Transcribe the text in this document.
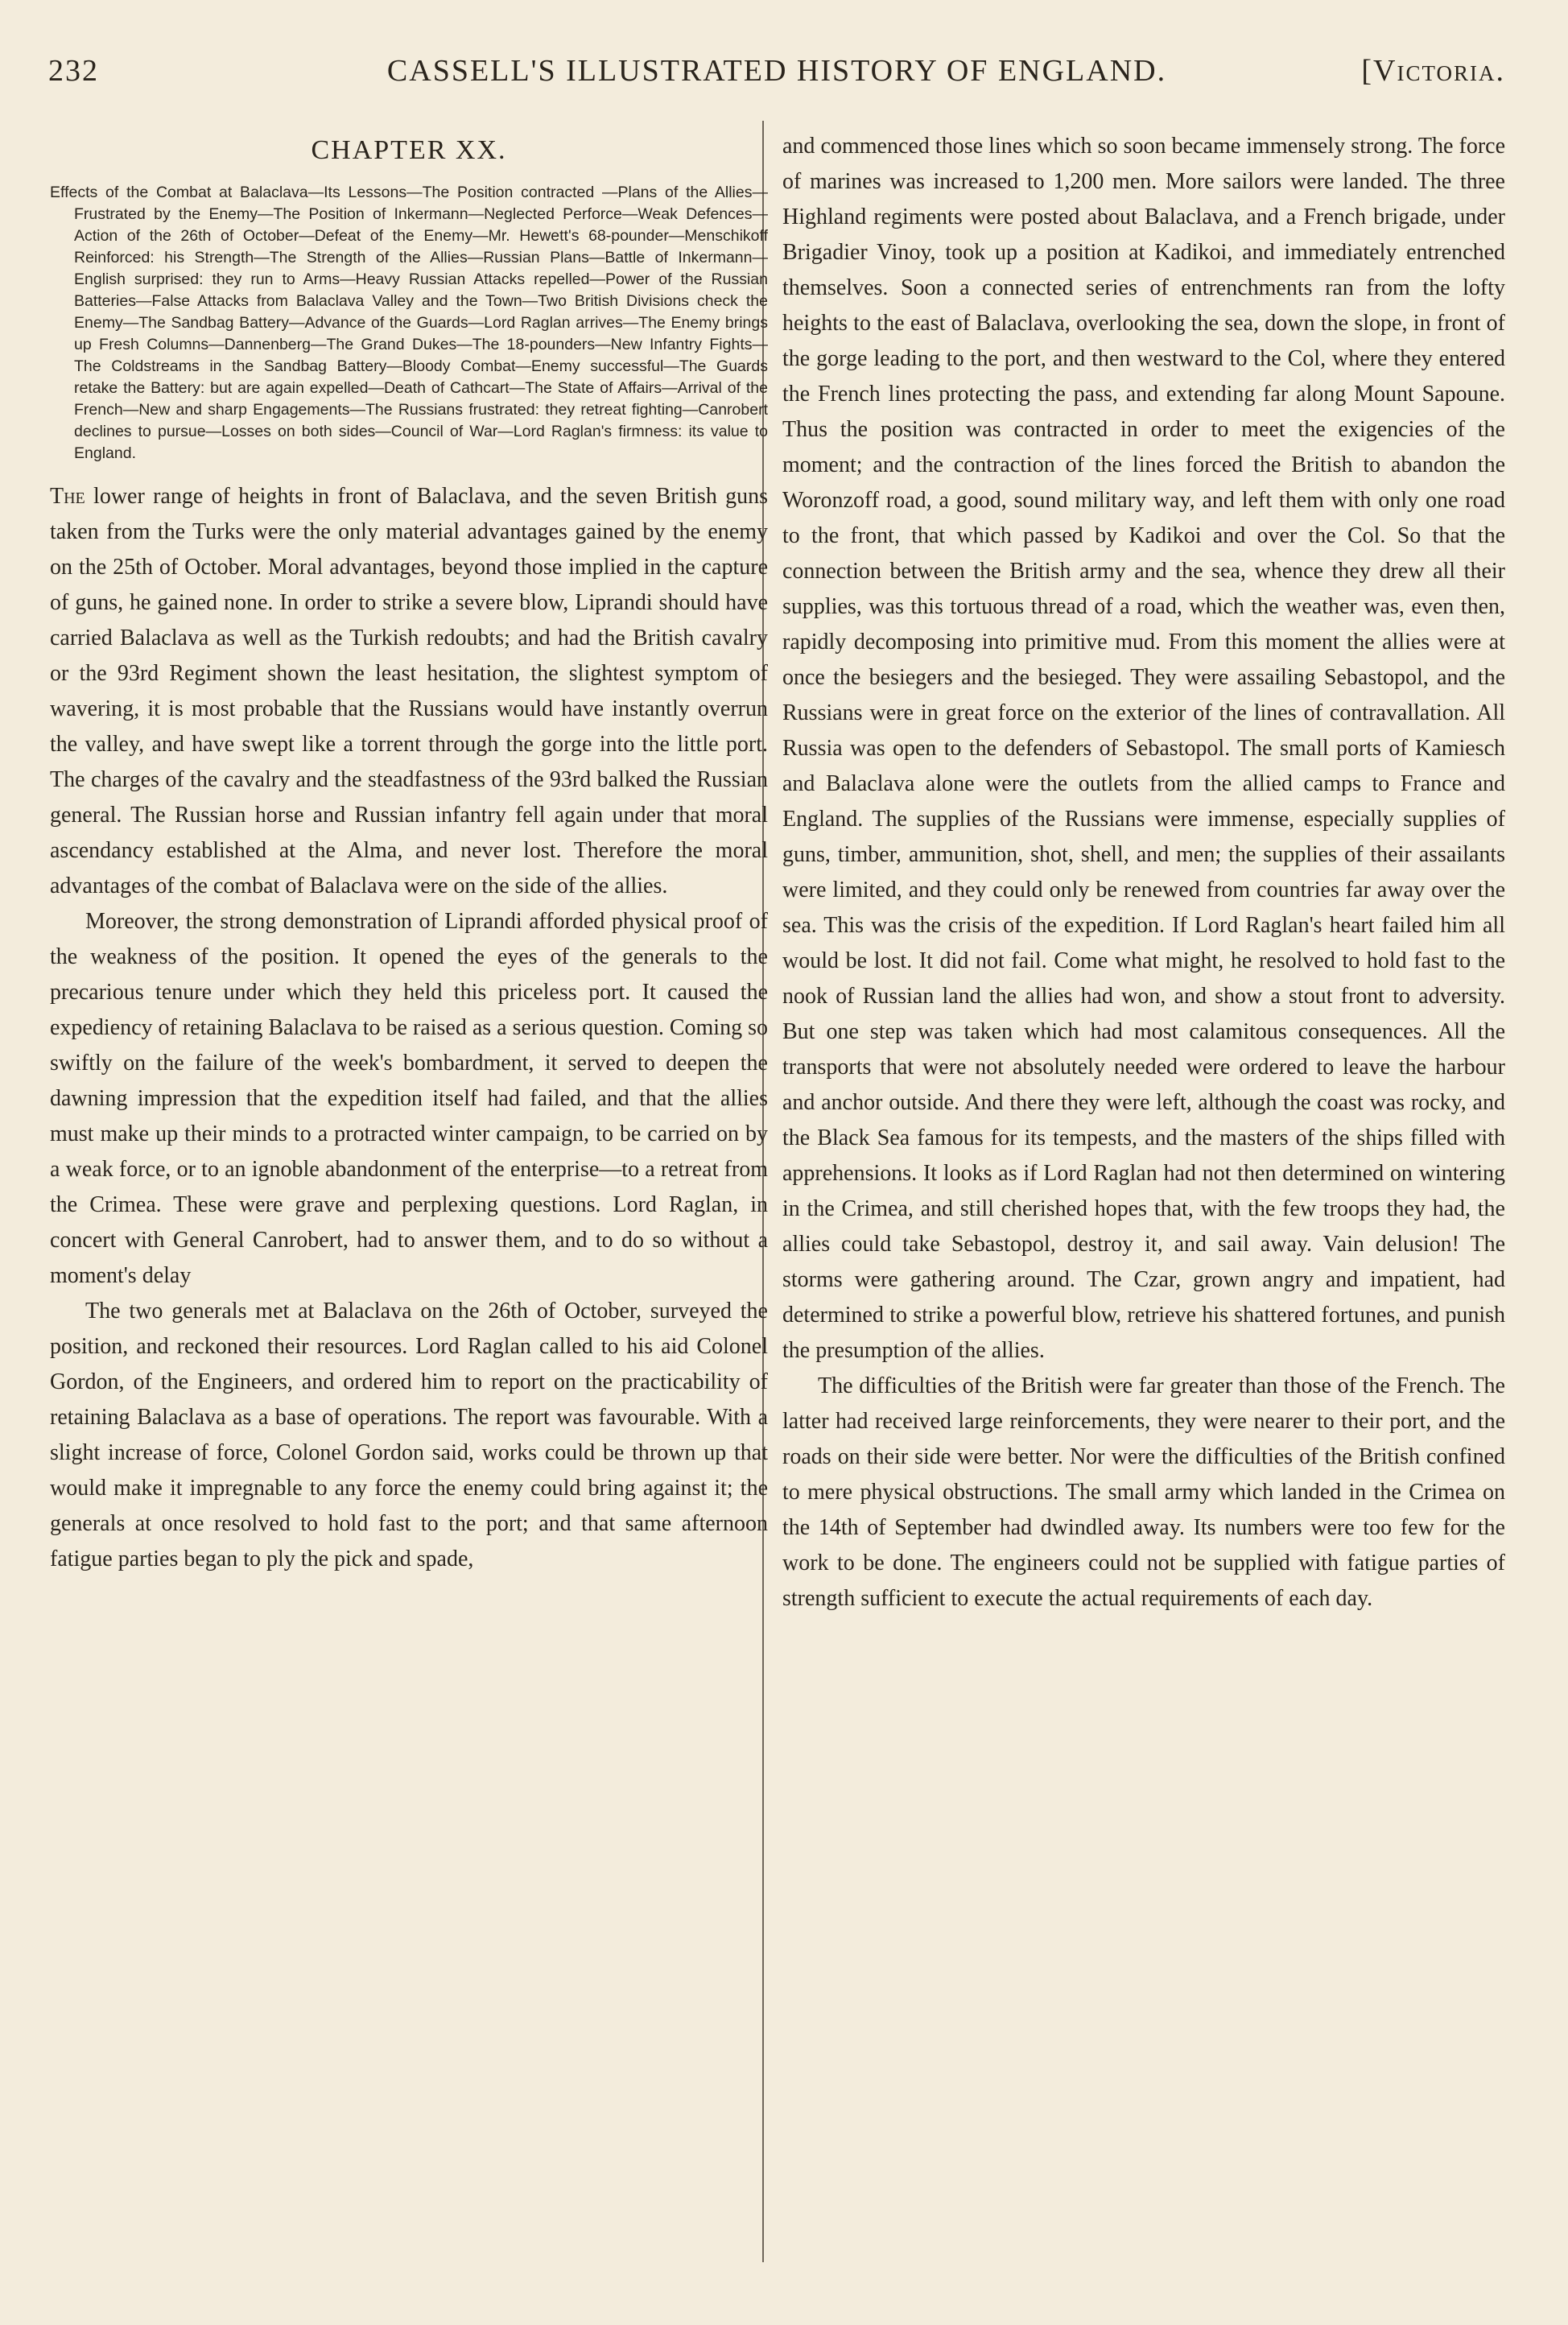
232	CASSELL'S ILLUSTRATED HISTORY OF ENGLAND.	[Victoria.
CHAPTER XX.

Effects of the Combat at Balaclava—Its Lessons—The Position contracted —Plans of the Allies—Frustrated by the Enemy—The Position of Inkermann—Neglected Perforce—Weak Defences—Action of the 26th of October—Defeat of the Enemy—Mr. Hewett's 68-pounder—Menschikoff Reinforced: his Strength—The Strength of the Allies—Russian Plans—Battle of Inkermann—English surprised: they run to Arms—Heavy Russian Attacks repelled—Power of the Russian Batteries—False Attacks from Balaclava Valley and the Town—Two British Divisions check the Enemy—The Sandbag Battery—Advance of the Guards—Lord Raglan arrives—The Enemy brings up Fresh Columns—Dannenberg—The Grand Dukes—The 18-pounders—New Infantry Fights—The Coldstreams in the Sandbag Battery—Bloody Combat—Enemy successful—The Guards retake the Battery: but are again expelled—Death of Cathcart—The State of Affairs—Arrival of the French—New and sharp Engagements—The Russians frustrated: they retreat fighting—Canrobert declines to pursue—Losses on both sides—Council of War—Lord Raglan's firmness: its value to England.

The lower range of heights in front of Balaclava, and the seven British guns taken from the Turks were the only material advantages gained by the enemy on the 25th of October. Moral advantages, beyond those implied in the capture of guns, he gained none. In order to strike a severe blow, Liprandi should have carried Balaclava as well as the Turkish redoubts; and had the British cavalry or the 93rd Regiment shown the least hesitation, the slightest symptom of wavering, it is most probable that the Russians would have instantly overrun the valley, and have swept like a torrent through the gorge into the little port. The charges of the cavalry and the steadfastness of the 93rd balked the Russian general. The Russian horse and Russian infantry fell again under that moral ascendancy established at the Alma, and never lost. Therefore the moral advantages of the combat of Balaclava were on the side of the allies.

Moreover, the strong demonstration of Liprandi afforded physical proof of the weakness of the position. It opened the eyes of the generals to the precarious tenure under which they held this priceless port. It caused the expediency of retaining Balaclava to be raised as a serious question. Coming so swiftly on the failure of the week's bombardment, it served to deepen the dawning impression that the expedition itself had failed, and that the allies must make up their minds to a protracted winter campaign, to be carried on by a weak force, or to an ignoble abandonment of the enterprise—to a retreat from the Crimea. These were grave and perplexing questions. Lord Raglan, in concert with General Canrobert, had to answer them, and to do so without a moment's delay

The two generals met at Balaclava on the 26th of October, surveyed the position, and reckoned their resources. Lord Raglan called to his aid Colonel Gordon, of the Engineers, and ordered him to report on the practicability of retaining Balaclava as a base of operations. The report was favourable. With a slight increase of force, Colonel Gordon said, works could be thrown up that would make it impregnable to any force the enemy could bring against it; the generals at once resolved to hold fast to the port; and that same afternoon fatigue parties began to ply the pick and spade,

and commenced those lines which so soon became immensely strong. The force of marines was increased to 1,200 men. More sailors were landed. The three Highland regiments were posted about Balaclava, and a French brigade, under Brigadier Vinoy, took up a position at Kadikoi, and immediately entrenched themselves. Soon a connected series of entrenchments ran from the lofty heights to the east of Balaclava, overlooking the sea, down the slope, in front of the gorge leading to the port, and then westward to the Col, where they entered the French lines protecting the pass, and extending far along Mount Sapoune. Thus the position was contracted in order to meet the exigencies of the moment; and the contraction of the lines forced the British to abandon the Woronzoff road, a good, sound military way, and left them with only one road to the front, that which passed by Kadikoi and over the Col. So that the connection between the British army and the sea, whence they drew all their supplies, was this tortuous thread of a road, which the weather was, even then, rapidly decomposing into primitive mud. From this moment the allies were at once the besiegers and the besieged. They were assailing Sebastopol, and the Russians were in great force on the exterior of the lines of contravallation. All Russia was open to the defenders of Sebastopol. The small ports of Kamiesch and Balaclava alone were the outlets from the allied camps to France and England. The supplies of the Russians were immense, especially supplies of guns, timber, ammunition, shot, shell, and men; the supplies of their assailants were limited, and they could only be renewed from countries far away over the sea. This was the crisis of the expedition. If Lord Raglan's heart failed him all would be lost. It did not fail. Come what might, he resolved to hold fast to the nook of Russian land the allies had won, and show a stout front to adversity. But one step was taken which had most calamitous consequences. All the transports that were not absolutely needed were ordered to leave the harbour and anchor outside. And there they were left, although the coast was rocky, and the Black Sea famous for its tempests, and the masters of the ships filled with apprehensions. It looks as if Lord Raglan had not then determined on wintering in the Crimea, and still cherished hopes that, with the few troops they had, the allies could take Sebastopol, destroy it, and sail away. Vain delusion! The storms were gathering around. The Czar, grown angry and impatient, had determined to strike a powerful blow, retrieve his shattered fortunes, and punish the presumption of the allies.

The difficulties of the British were far greater than those of the French. The latter had received large reinforcements, they were nearer to their port, and the roads on their side were better. Nor were the difficulties of the British confined to mere physical obstructions. The small army which landed in the Crimea on the 14th of September had dwindled away. Its numbers were too few for the work to be done. The engineers could not be supplied with fatigue parties of strength sufficient to execute the actual requirements of each day.
